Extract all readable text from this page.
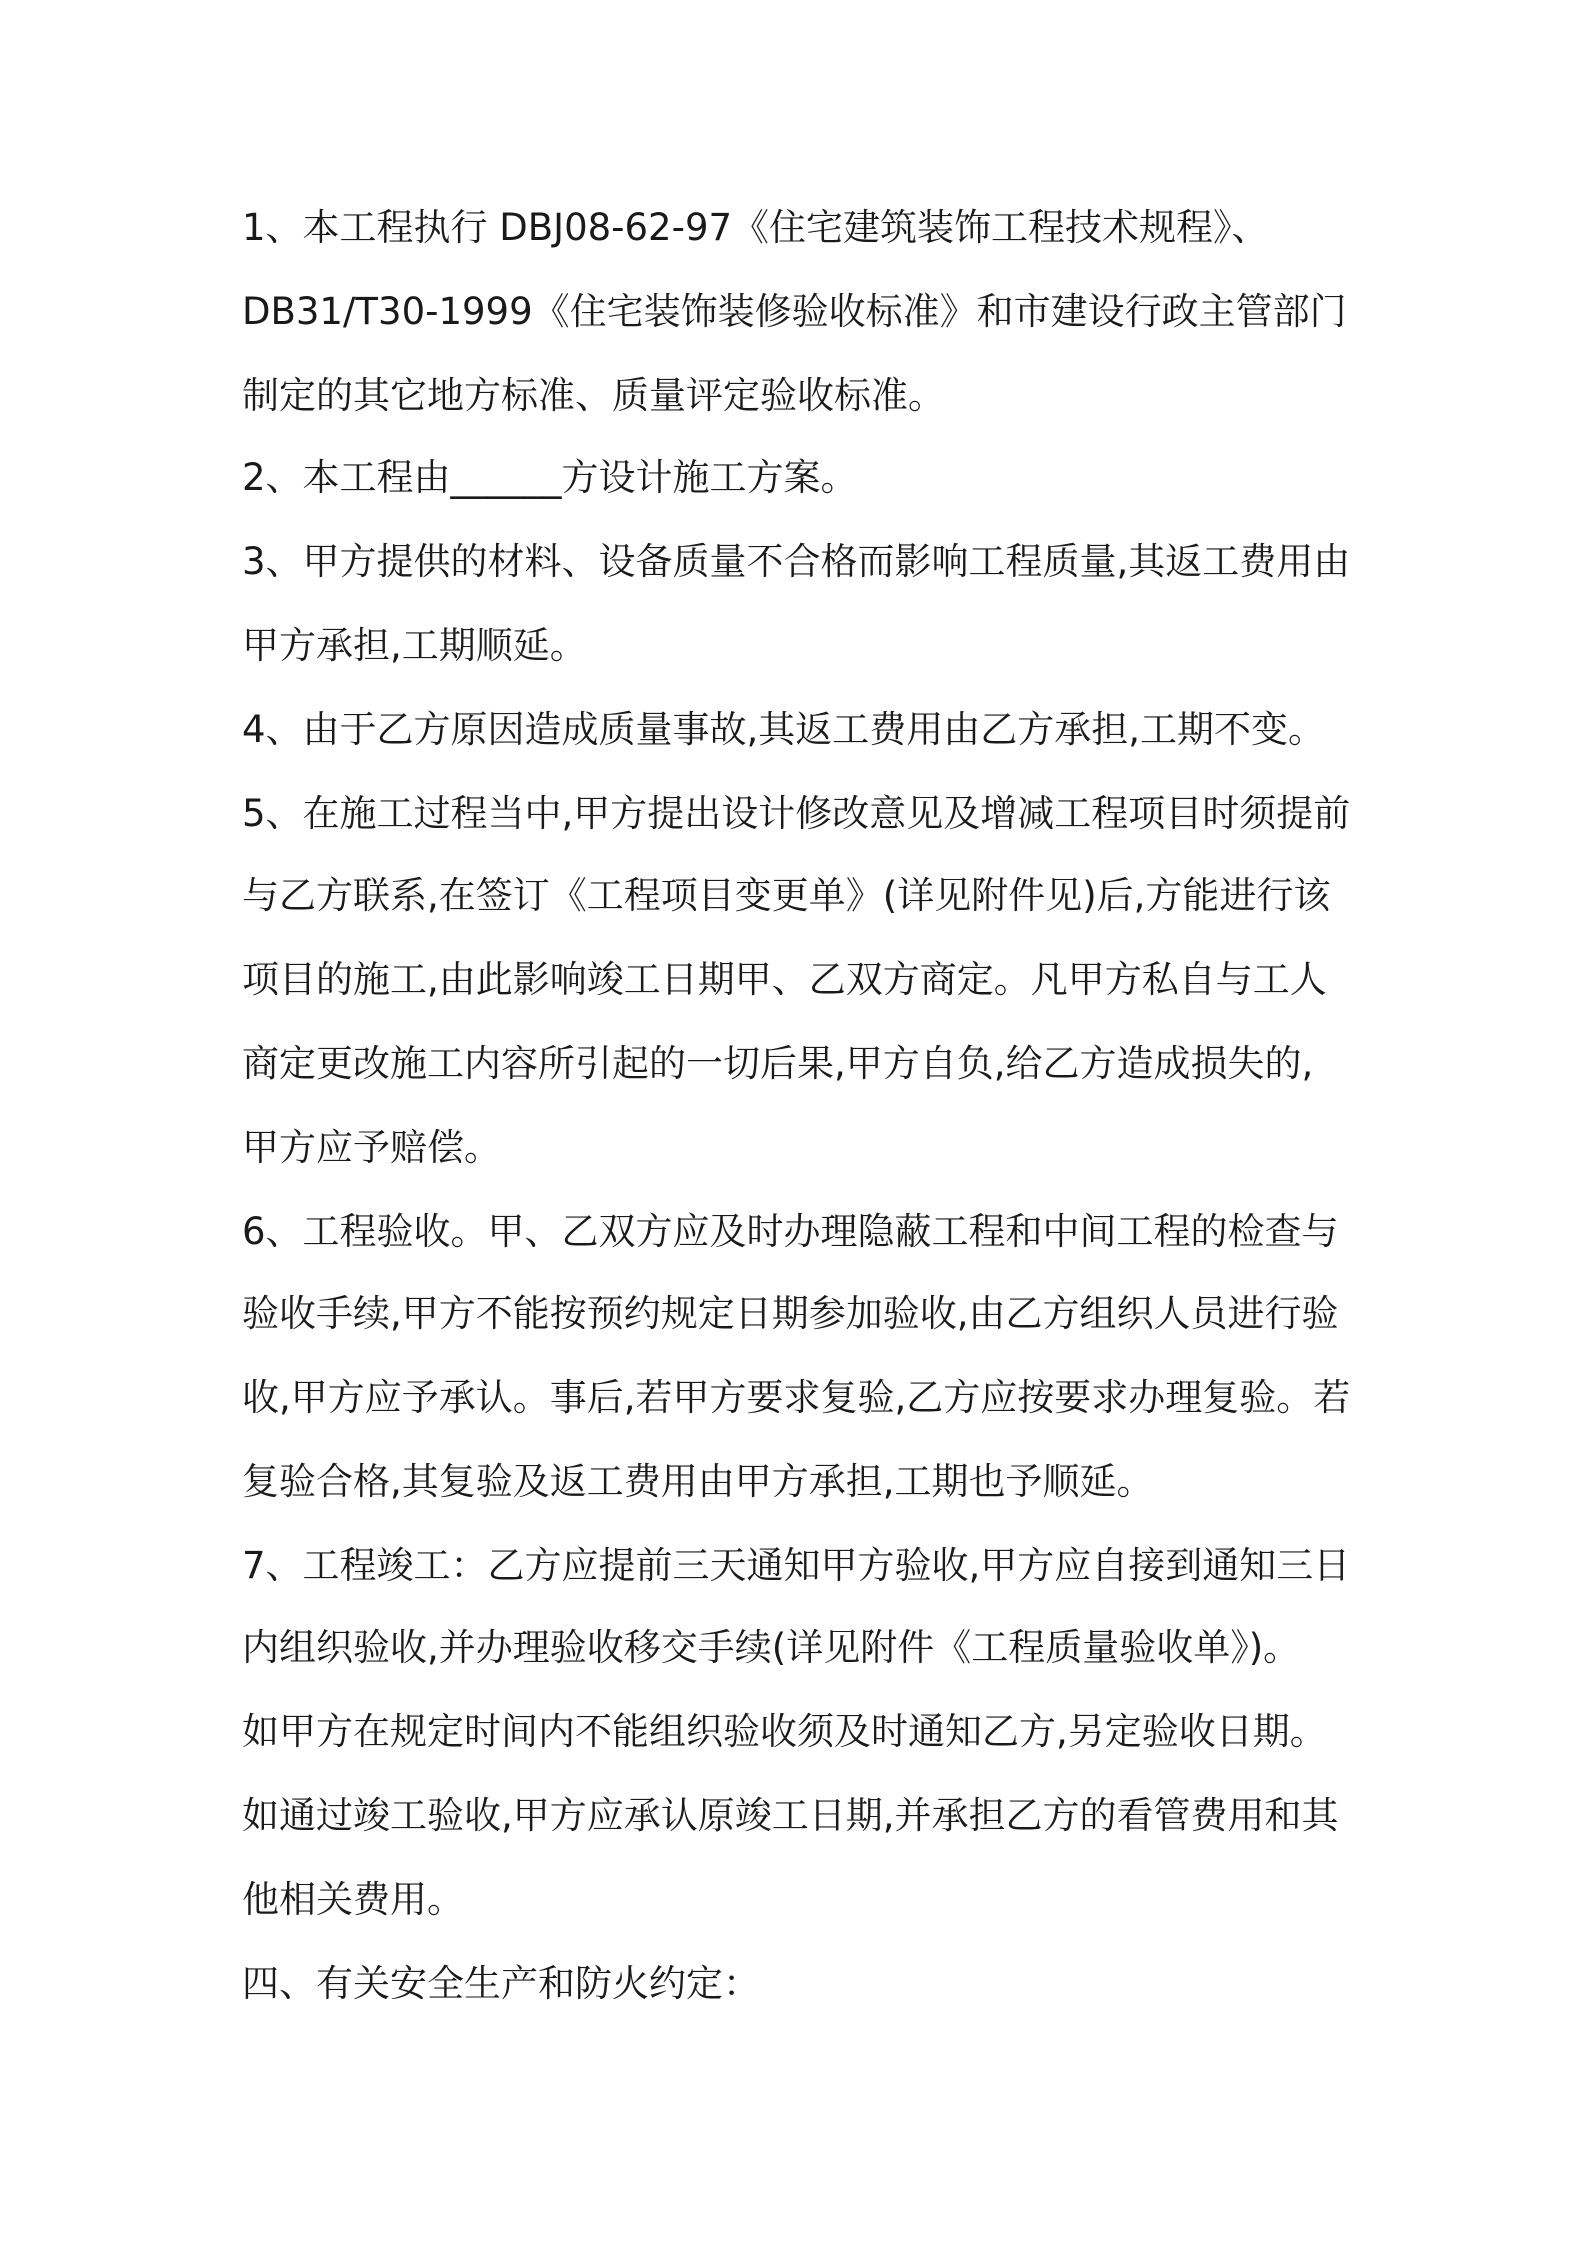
1、本工程执行 DBJ08-62-97《住宅建筑装饰工程技术规程》、

DB31/T30-1999《住宅装饰装修验收标准》和市建设行政主管部门

制定的其它地方标准、质量评定验收标准。

2、本工程由______方设计施工方案。

3、甲方提供的材料、设备质量不合格而影响工程质量,其返工费用由

甲方承担,工期顺延。

4、由于乙方原因造成质量事故,其返工费用由乙方承担,工期不变。

5、在施工过程当中,甲方提出设计修改意见及增减工程项目时须提前

与乙方联系,在签订《工程项目变更单》(详见附件见)后,方能进行该

项目的施工,由此影响竣工日期甲、乙双方商定。凡甲方私自与工人

商定更改施工内容所引起的一切后果,甲方自负,给乙方造成损失的,

甲方应予赔偿。

6、工程验收。甲、乙双方应及时办理隐蔽工程和中间工程的检查与

验收手续,甲方不能按预约规定日期参加验收,由乙方组织人员进行验

收,甲方应予承认。事后,若甲方要求复验,乙方应按要求办理复验。若

复验合格,其复验及返工费用由甲方承担,工期也予顺延。

7、工程竣工：乙方应提前三天通知甲方验收,甲方应自接到通知三日

内组织验收,并办理验收移交手续(详见附件《工程质量验收单》)。

如甲方在规定时间内不能组织验收须及时通知乙方,另定验收日期。

如通过竣工验收,甲方应承认原竣工日期,并承担乙方的看管费用和其

他相关费用。

四、有关安全生产和防火约定：
